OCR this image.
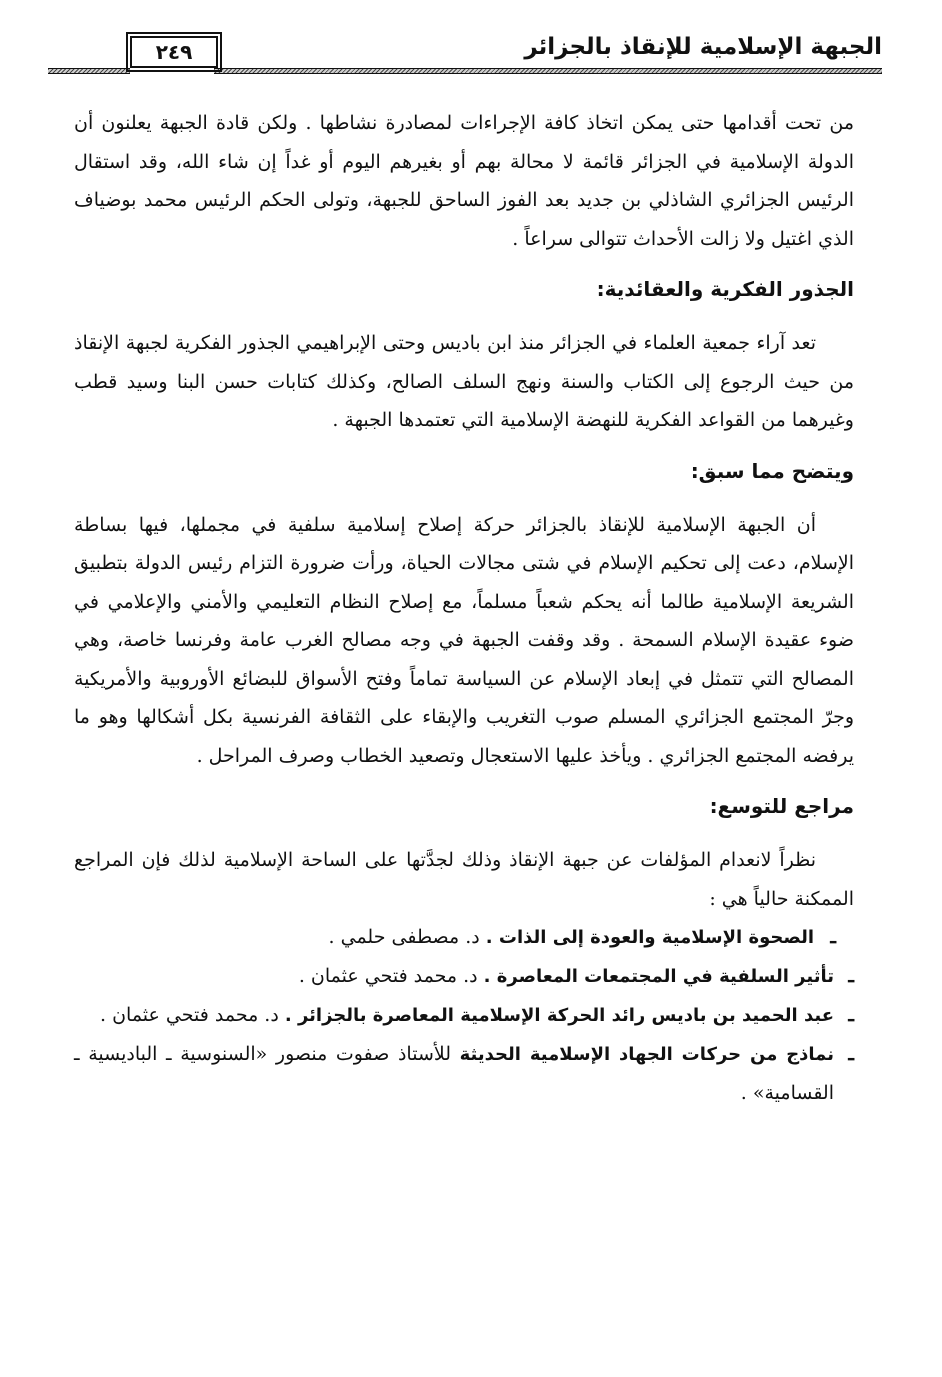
الجبهة الإسلامية للإنقاذ بالجزائر
٢٤٩

من تحت أقدامها حتى يمكن اتخاذ كافة الإجراءات لمصادرة نشاطها . ولكن قادة الجبهة يعلنون أن الدولة الإسلامية في الجزائر قائمة لا محالة بهم أو بغيرهم اليوم أو غداً إن شاء الله، وقد استقال الرئيس الجزائري الشاذلي بن جديد بعد الفوز الساحق للجبهة، وتولى الحكم الرئيس محمد بوضياف الذي اغتيل ولا زالت الأحداث تتوالى سراعاً .

الجذور الفكرية والعقائدية:

تعد آراء جمعية العلماء في الجزائر منذ ابن باديس وحتى الإبراهيمي الجذور الفكرية لجبهة الإنقاذ من حيث الرجوع إلى الكتاب والسنة ونهج السلف الصالح، وكذلك كتابات حسن البنا وسيد قطب وغيرهما من القواعد الفكرية للنهضة الإسلامية التي تعتمدها الجبهة .

ويتضح مما سبق:

أن الجبهة الإسلامية للإنقاذ بالجزائر حركة إصلاح إسلامية سلفية في مجملها، فيها بساطة الإسلام، دعت إلى تحكيم الإسلام في شتى مجالات الحياة، ورأت ضرورة التزام رئيس الدولة بتطبيق الشريعة الإسلامية طالما أنه يحكم شعباً مسلماً، مع إصلاح النظام التعليمي والأمني والإعلامي في ضوء عقيدة الإسلام السمحة . وقد وقفت الجبهة في وجه مصالح الغرب عامة وفرنسا خاصة، وهي المصالح التي تتمثل في إبعاد الإسلام عن السياسة تماماً وفتح الأسواق للبضائع الأوروبية والأمريكية وجرّ المجتمع الجزائري المسلم صوب التغريب والإبقاء على الثقافة الفرنسية بكل أشكالها وهو ما يرفضه المجتمع الجزائري . ويأخذ عليها الاستعجال وتصعيد الخطاب وصرف المراحل .

مراجع للتوسع:

نظراً لانعدام المؤلفات عن جبهة الإنقاذ وذلك لجدَّتها على الساحة الإسلامية لذلك فإن المراجع الممكنة حالياً هي :

ـ
الصحوة الإسلامية والعودة إلى الذات . د. مصطفى حلمي .
ـ
تأثير السلفية في المجتمعات المعاصرة . د. محمد فتحي عثمان .
ـ
عبد الحميد بن باديس رائد الحركة الإسلامية المعاصرة بالجزائر . د. محمد فتحي عثمان .
ـ
نماذج من حركات الجهاد الإسلامية الحديثة للأستاذ صفوت منصور «السنوسية ـ الباديسية ـ القسامية» .
